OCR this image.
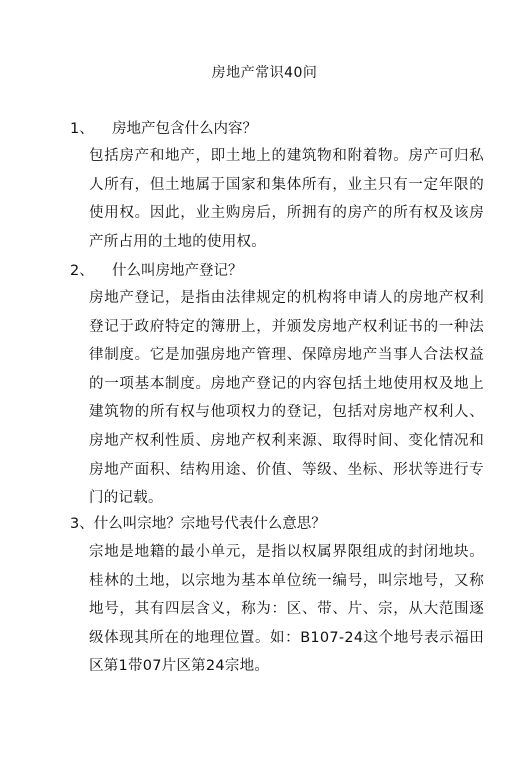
房地产常识40问
1、 房地产包含什么内容？
包括房产和地产，即土地上的建筑物和附着物。房产可归私人所有，但土地属于国家和集体所有，业主只有一定年限的使用权。因此，业主购房后，所拥有的房产的所有权及该房产所占用的土地的使用权。
2、 什么叫房地产登记？
房地产登记，是指由法律规定的机构将申请人的房地产权利登记于政府特定的簿册上，并颁发房地产权利证书的一种法律制度。它是加强房地产管理、保障房地产当事人合法权益的一项基本制度。房地产登记的内容包括土地使用权及地上建筑物的所有权与他项权力的登记，包括对房地产权利人、房地产权利性质、房地产权利来源、取得时间、变化情况和房地产面积、结构用途、价值、等级、坐标、形状等进行专门的记载。
3、什么叫宗地？宗地号代表什么意思？
宗地是地籍的最小单元，是指以权属界限组成的封闭地块。桂林的土地，以宗地为基本单位统一编号，叫宗地号，又称地号，其有四层含义，称为：区、带、片、宗，从大范围逐级体现其所在的地理位置。如：B107-24这个地号表示福田区第1带07片区第24宗地。
